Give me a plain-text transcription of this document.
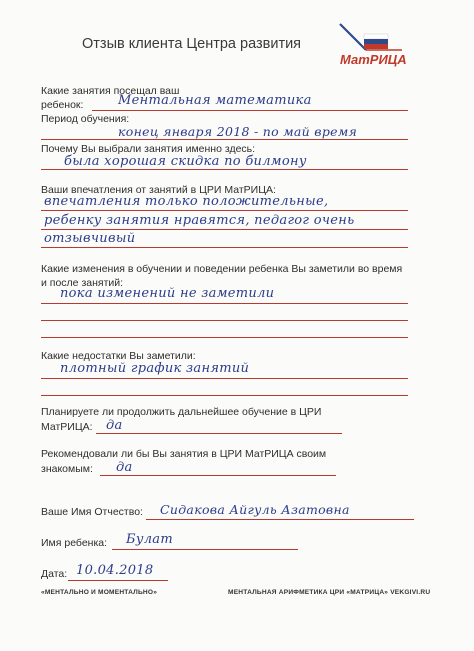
Отзыв клиента Центра развития
МатРИЦА
Какие занятия посещал ваш
ребенок:	Ментальная математика
Период обучения:
конец января 2018 - по май время
Почему Вы выбрали занятия именно здесь:
была хорошая скидка по билмону
Ваши впечатления от занятий в ЦРИ МатРИЦА:
впечатления только положительные,
ребенку занятия нравятся, педагог очень
отзывчивый
Какие изменения в обучении и поведении ребенка Вы заметили во время
и после занятий:
пока изменений не заметили
Какие недостатки Вы заметили:
плотный график занятий
Планируете ли продолжить дальнейшее обучение в ЦРИ
МатРИЦА: да
Рекомендовали ли бы Вы занятия в ЦРИ МатРИЦА своим
знакомым: да
Ваше Имя Отчество: Сидакова Айгуль Азатовна
Имя ребенка: Булат
Дата: 10.04.2018
«МЕНТАЛЬНО И МОМЕНТАЛЬНО»	МЕНТАЛЬНАЯ АРИФМЕТИКА ЦРИ «МАТРИЦА» VEKGIVI.RU
